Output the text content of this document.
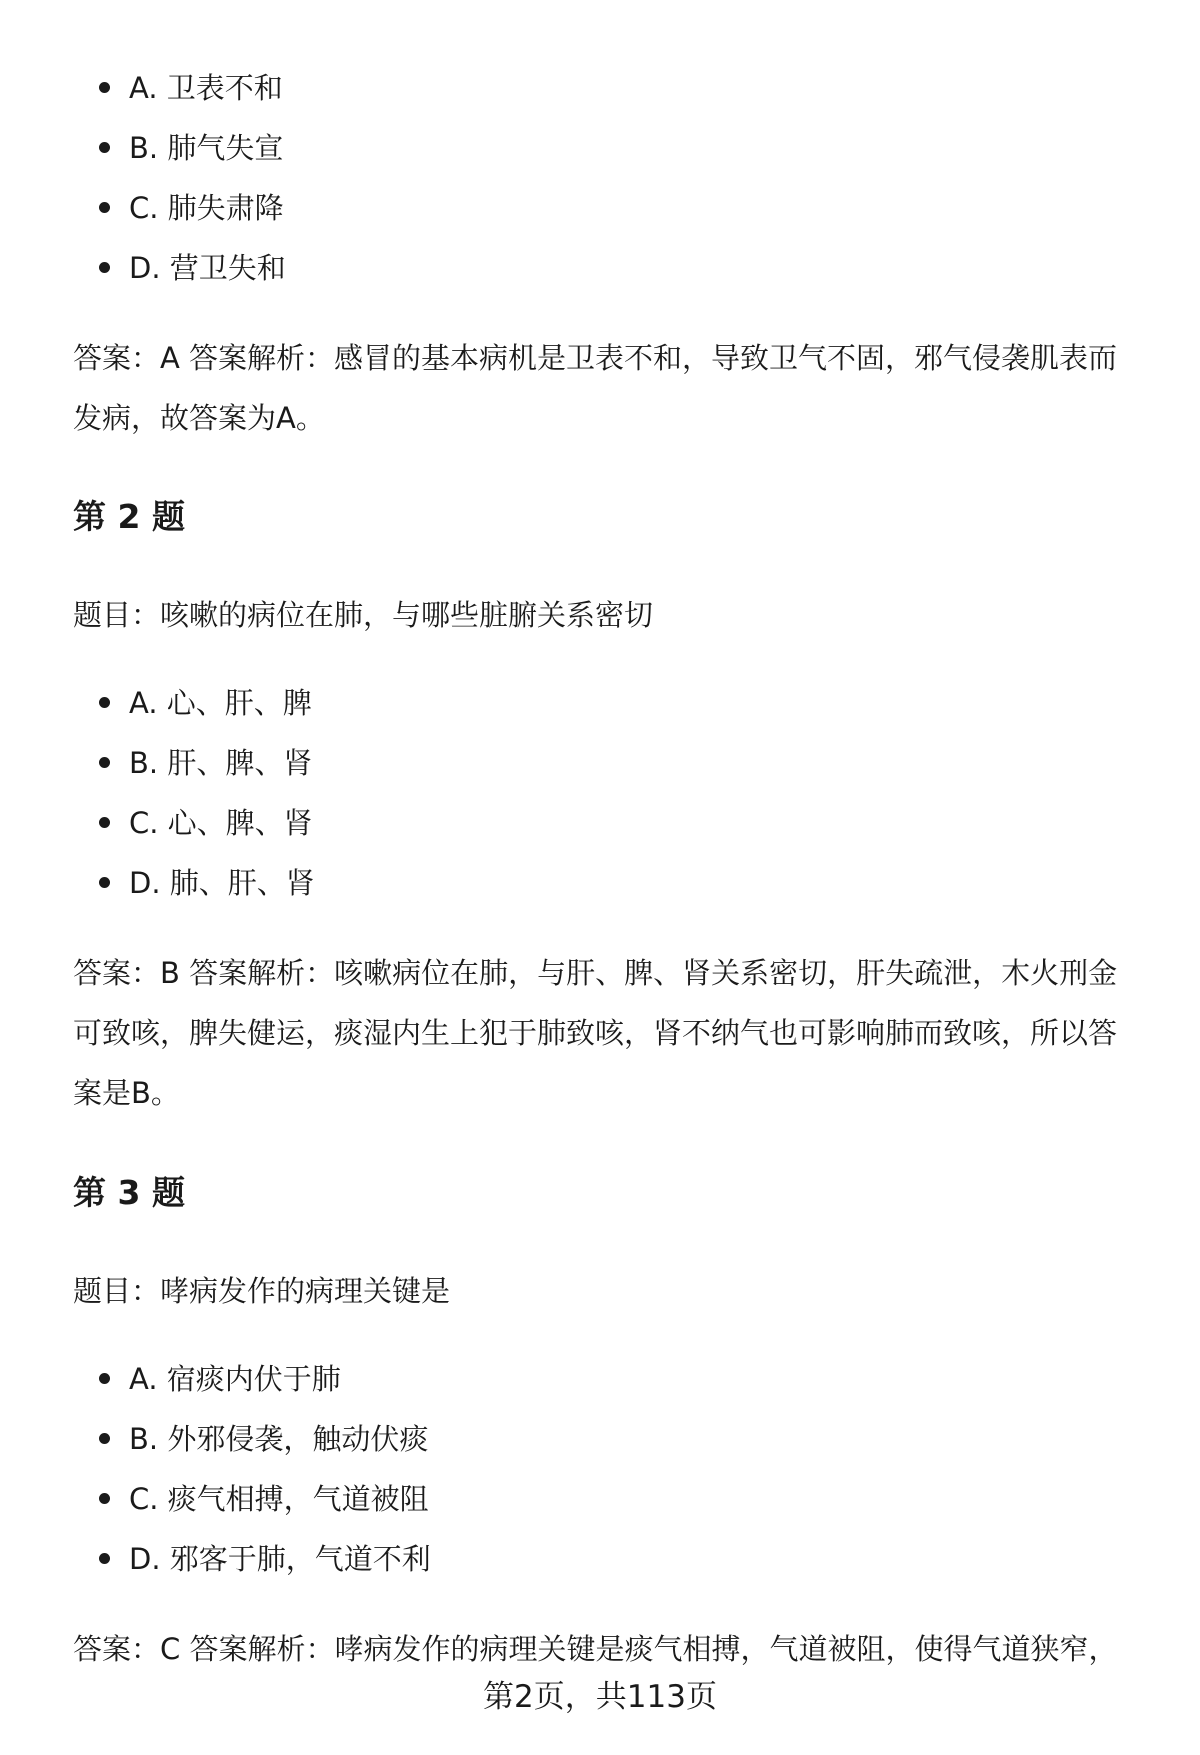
A. 卫表不和
B. 肺气失宣
C. 肺失肃降
D. 营卫失和

答案：A 答案解析：感冒的基本病机是卫表不和，导致卫气不固，邪气侵袭肌表而

发病，故答案为A。

第 2 题

题目：咳嗽的病位在肺，与哪些脏腑关系密切

A. 心、肝、脾
B. 肝、脾、肾
C. 心、脾、肾
D. 肺、肝、肾

答案：B 答案解析：咳嗽病位在肺，与肝、脾、肾关系密切，肝失疏泄，木火刑金

可致咳，脾失健运，痰湿内生上犯于肺致咳，肾不纳气也可影响肺而致咳，所以答

案是B。

第 3 题

题目：哮病发作的病理关键是

A. 宿痰内伏于肺
B. 外邪侵袭，触动伏痰
C. 痰气相搏，气道被阻
D. 邪客于肺，气道不利

答案：C 答案解析：哮病发作的病理关键是痰气相搏，气道被阻，使得气道狭窄，

第2页，共113页
